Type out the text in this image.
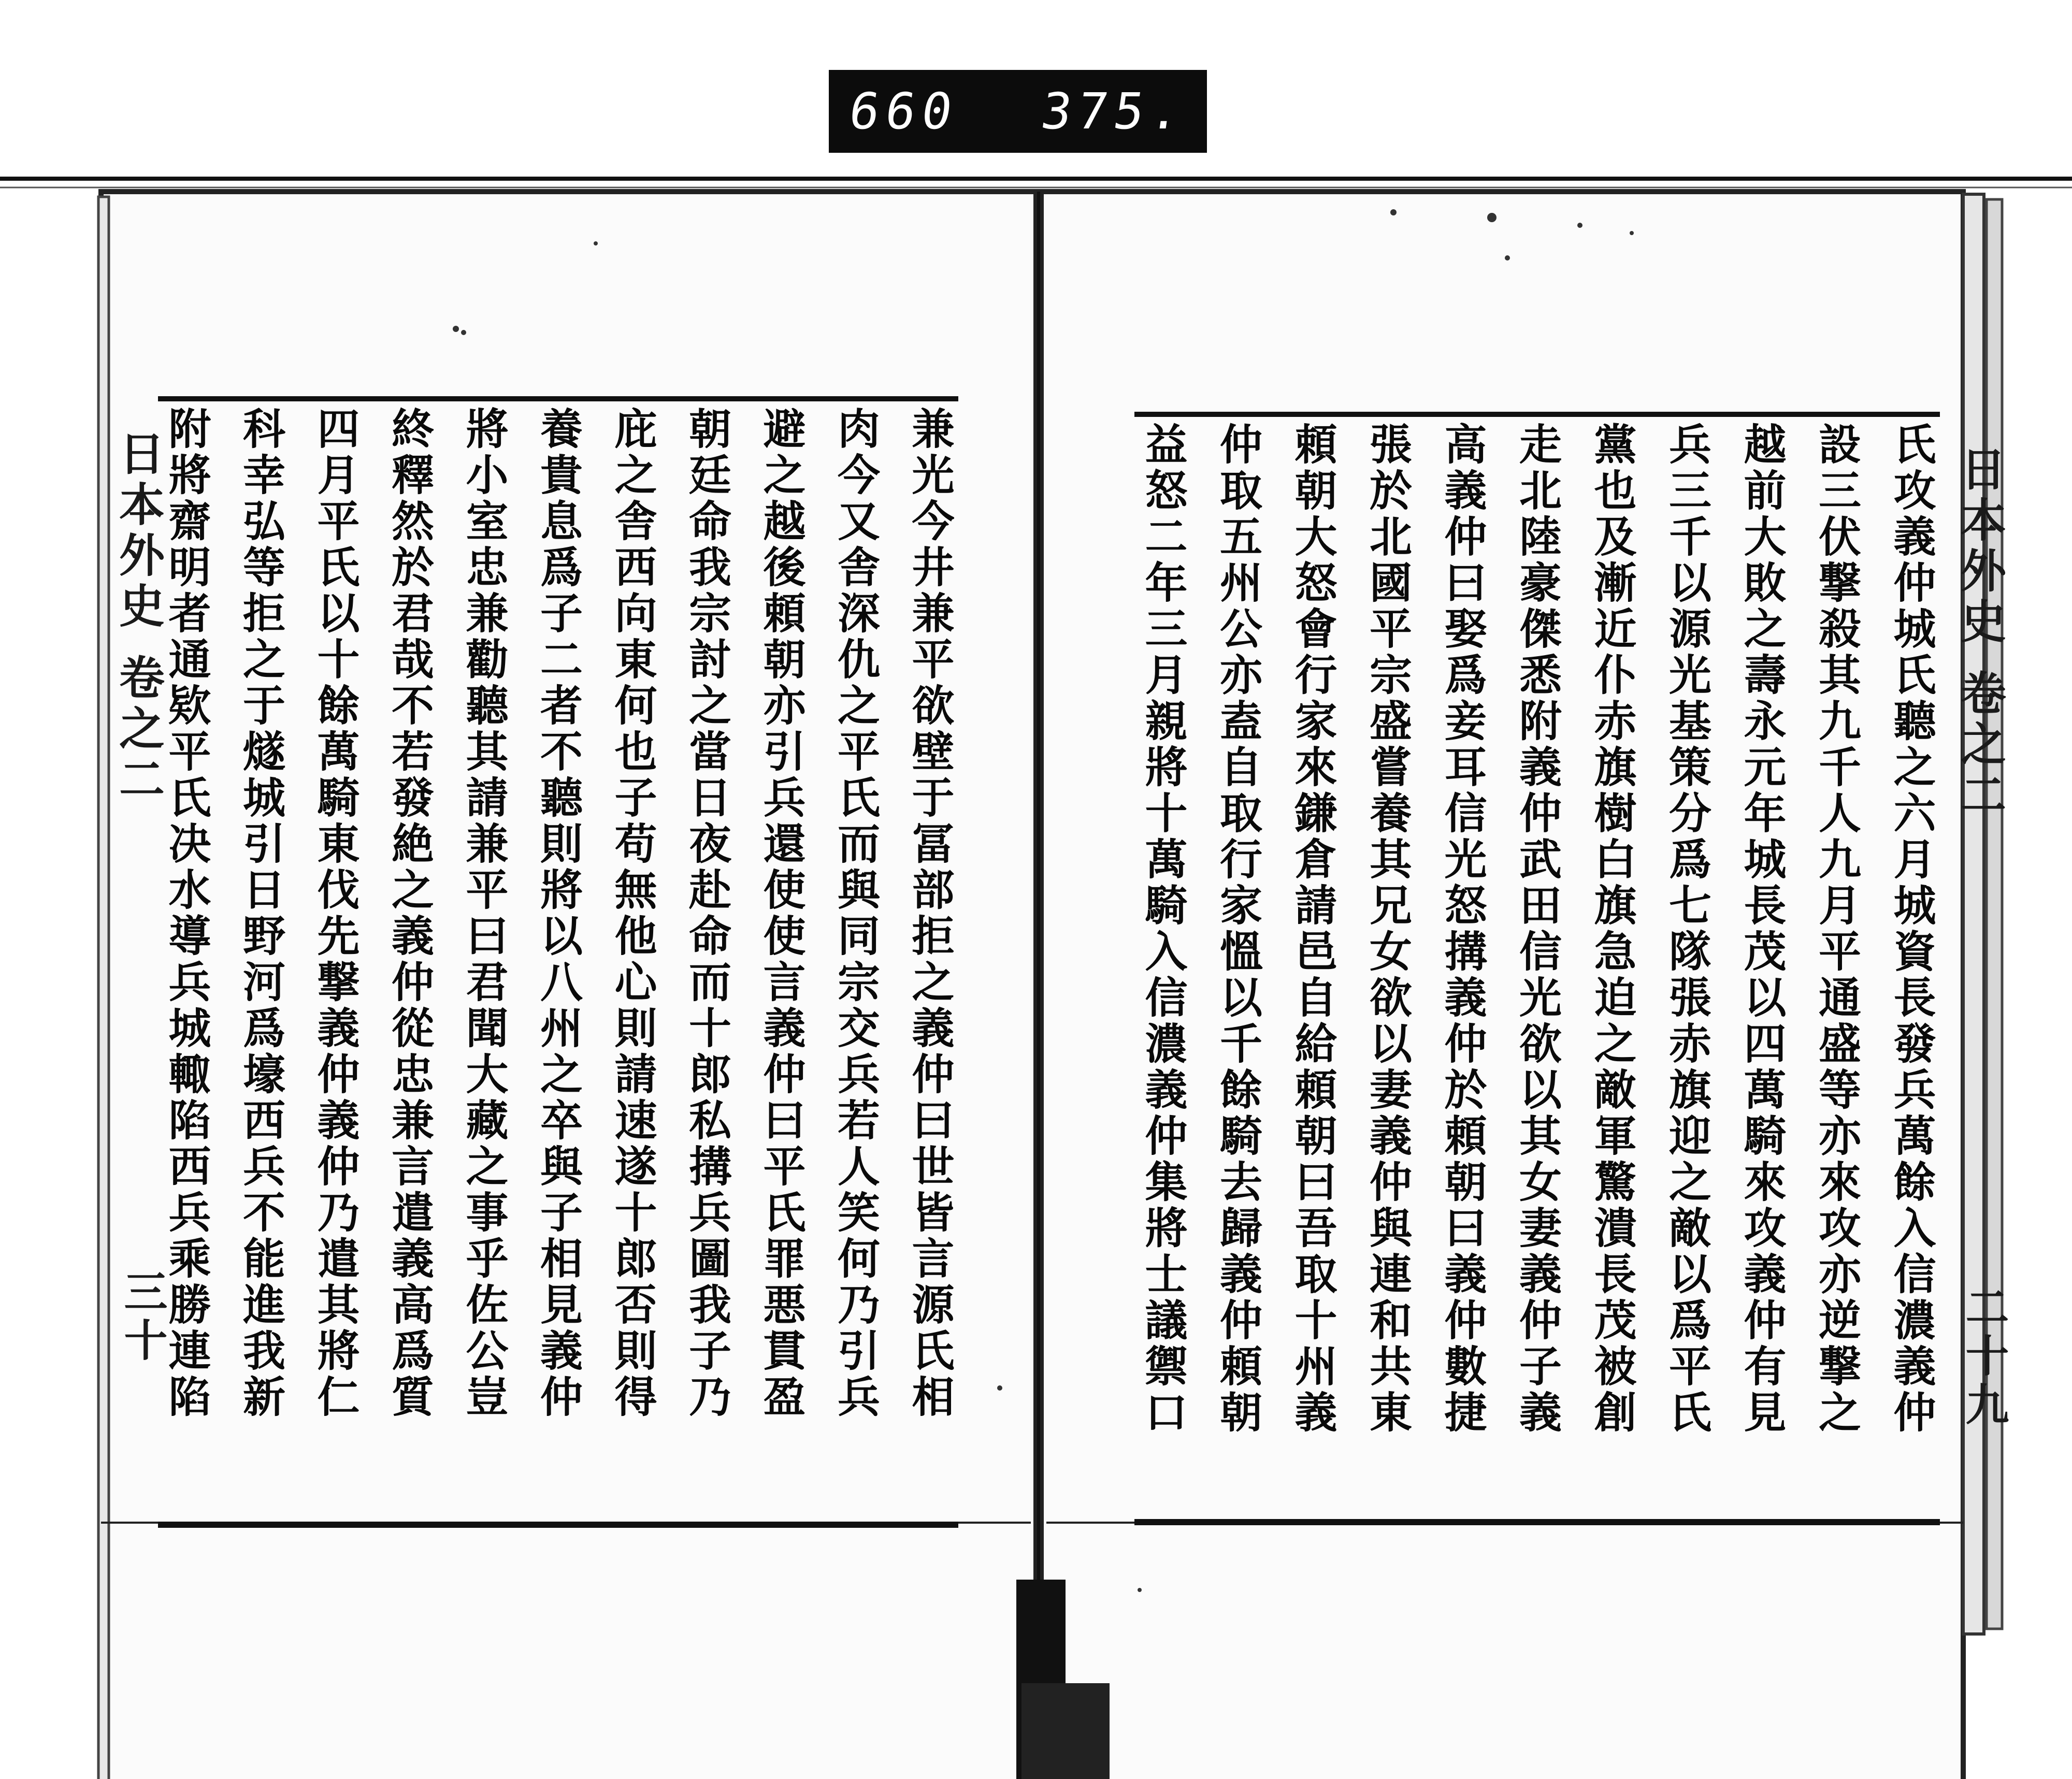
660 375.
兼光今井兼平欲壁于冨部拒之義仲曰世皆言源氏相
肉今又舎深仇之平氏而與同宗交兵若人笑何乃引兵
避之越後頼朝亦引兵還使使言義仲曰平氏罪悪貫盈
朝廷命我宗討之當日夜赴命而十郎私搆兵圖我子乃
庇之舎西向東何也子苟無他心則請速遂十郎否則得
養貴息爲子二者不聽則將以八州之卒與子相見義仲
將小室忠兼勸聽其請兼平曰君聞大藏之事乎佐公豈
終釋然於君哉不若發絶之義仲從忠兼言遣義高爲質
四月平氏以十餘萬騎東伐先撃義仲義仲乃遣其將仁
科幸弘等拒之于燧城引日野河爲壕西兵不能進我新
附將齋明者通欵平氏决水導兵城輙陷西兵乘勝連陷
日本外史 卷之二
三十	氏攻義仲城氏聽之六月城資長發兵萬餘入信濃義仲
設三伏撃殺其九千人九月平通盛等亦來攻亦逆撃之
越前大敗之壽永元年城長茂以四萬騎來攻義仲有見
兵三千以源光基策分爲七隊張赤旗迎之敵以爲平氏
黨也及漸近仆赤旗樹白旗急迫之敵軍驚潰長茂被創
走北陸豪傑悉附義仲武田信光欲以其女妻義仲子義
高義仲曰娶爲妾耳信光怒搆義仲於頼朝曰義仲數捷
張於北國平宗盛嘗養其兄女欲以妻義仲與連和共東
頼朝大怒會行家來鎌倉請邑自給頼朝曰吾取十州義
仲取五州公亦盍自取行家慍以千餘騎去歸義仲頼朝
益怒二年三月親將十萬騎入信濃義仲集將士議禦口	日本外史 卷之二
二十九
